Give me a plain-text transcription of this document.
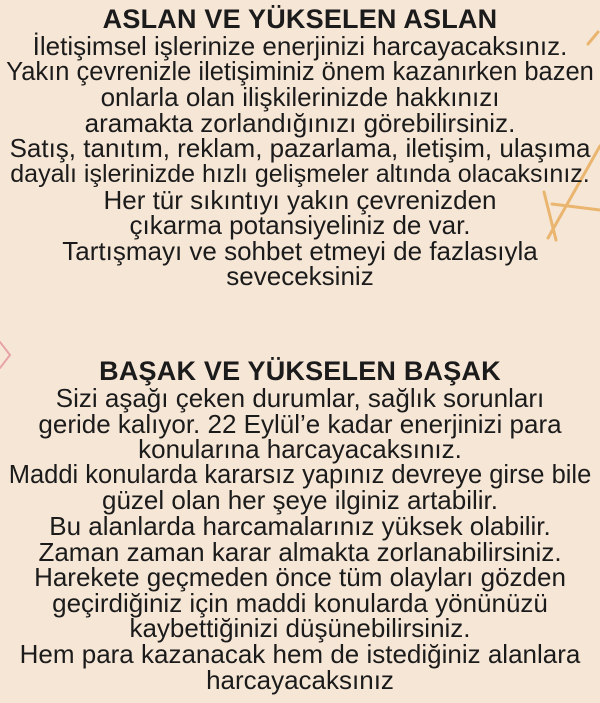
ASLAN VE YÜKSELEN ASLAN

İletişimsel işlerinize enerjinizi harcayacaksınız.

Yakın çevrenizle iletişiminiz önem kazanırken bazen

onlarla olan ilişkilerinizde hakkınızı

aramakta zorlandığınızı görebilirsiniz.

Satış, tanıtım, reklam, pazarlama, iletişim, ulaşıma

dayalı işlerinizde hızlı gelişmeler altında olacaksınız.

Her tür sıkıntıyı yakın çevrenizden

çıkarma potansiyeliniz de var.

Tartışmayı ve sohbet etmeyi de fazlasıyla

seveceksiniz

BAŞAK VE YÜKSELEN BAŞAK

Sizi aşağı çeken durumlar, sağlık sorunları

geride kalıyor. 22 Eylül’e kadar enerjinizi para

konularına harcayacaksınız.

Maddi konularda kararsız yapınız devreye girse bile

güzel olan her şeye ilginiz artabilir.

Bu alanlarda harcamalarınız yüksek olabilir.

Zaman zaman karar almakta zorlanabilirsiniz.

Harekete geçmeden önce tüm olayları gözden

geçirdiğiniz için maddi konularda yönünüzü

kaybettiğinizi düşünebilirsiniz.

Hem para kazanacak hem de istediğiniz alanlara

harcayacaksınız
